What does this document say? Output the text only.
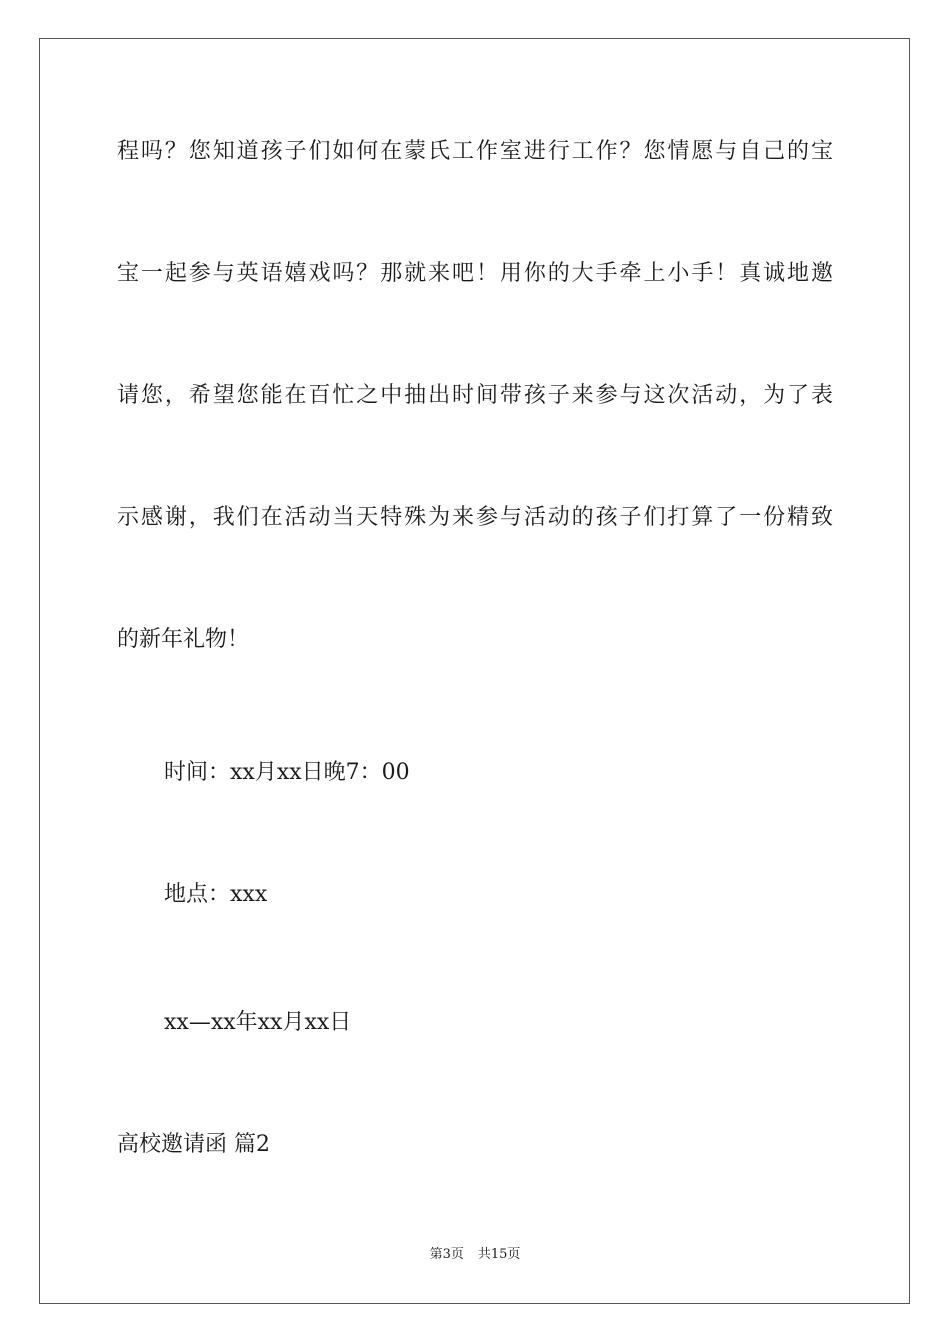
程吗？您知道孩子们如何在蒙氏工作室进行工作？您情愿与自己的宝
宝一起参与英语嬉戏吗？那就来吧！用你的大手牵上小手！真诚地邀
请您，希望您能在百忙之中抽出时间带孩子来参与这次活动，为了表
示感谢，我们在活动当天特殊为来参与活动的孩子们打算了一份精致
的新年礼物！
时间：xx月xx日晚7：00
地点：xxx
xx—xx年xx月xx日
高校邀请函 篇2
第3页 共15页
